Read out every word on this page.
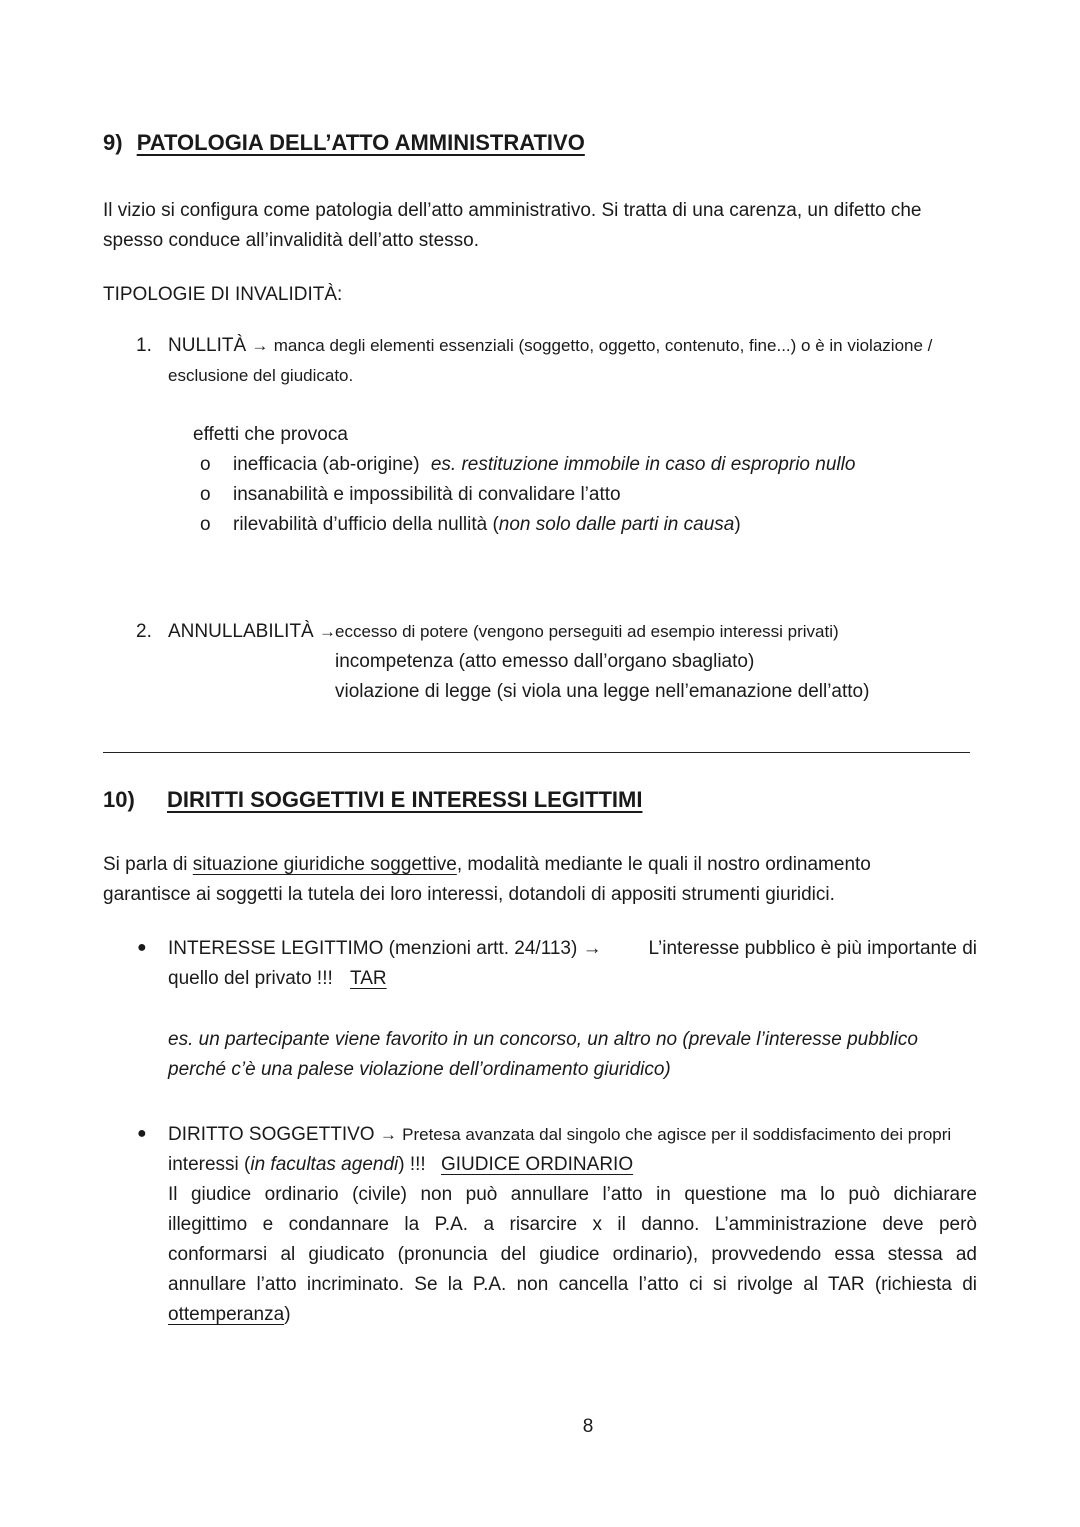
9) PATOLOGIA DELL’ATTO AMMINISTRATIVO
Il vizio si configura come patologia dell’atto amministrativo. Si tratta di una carenza, un difetto che
spesso conduce all’invalidità dell’atto stesso.
TIPOLOGIE DI INVALIDITÀ:
1. NULLITÀ → manca degli elementi essenziali (soggetto, oggetto, contenuto, fine...) o è in violazione /
esclusione del giudicato.
effetti che provoca
o inefficacia (ab-origine) es. restituzione immobile in caso di esproprio nullo
o insanabilità e impossibilità di convalidare l’atto
o rilevabilità d’ufficio della nullità (non solo dalle parti in causa)
2. ANNULLABILITÀ →
eccesso di potere (vengono perseguiti ad esempio interessi privati)
incompetenza (atto emesso dall’organo sbagliato)
violazione di legge (si viola una legge nell’emanazione dell’atto)
10) DIRITTI SOGGETTIVI E INTERESSI LEGITTIMI
Si parla di situazione giuridiche soggettive, modalità mediante le quali il nostro ordinamento
garantisce ai soggetti la tutela dei loro interessi, dotandoli di appositi strumenti giuridici.
● INTERESSE LEGITTIMO (menzioni artt. 24/113) → L’interesse pubblico è più importante di
quello del privato !!! TAR
es. un partecipante viene favorito in un concorso, un altro no (prevale l’interesse pubblico
perché c’è una palese violazione dell’ordinamento giuridico)
● DIRITTO SOGGETTIVO → Pretesa avanzata dal singolo che agisce per il soddisfacimento dei propri
interessi (in facultas agendi) !!! GIUDICE ORDINARIO
Il giudice ordinario (civile) non può annullare l’atto in questione ma lo può dichiarare
illegittimo e condannare la P.A. a risarcire x il danno. L’amministrazione deve però
conformarsi al giudicato (pronuncia del giudice ordinario), provvedendo essa stessa ad
annullare l’atto incriminato. Se la P.A. non cancella l’atto ci si rivolge al TAR (richiesta di
ottemperanza)
8
